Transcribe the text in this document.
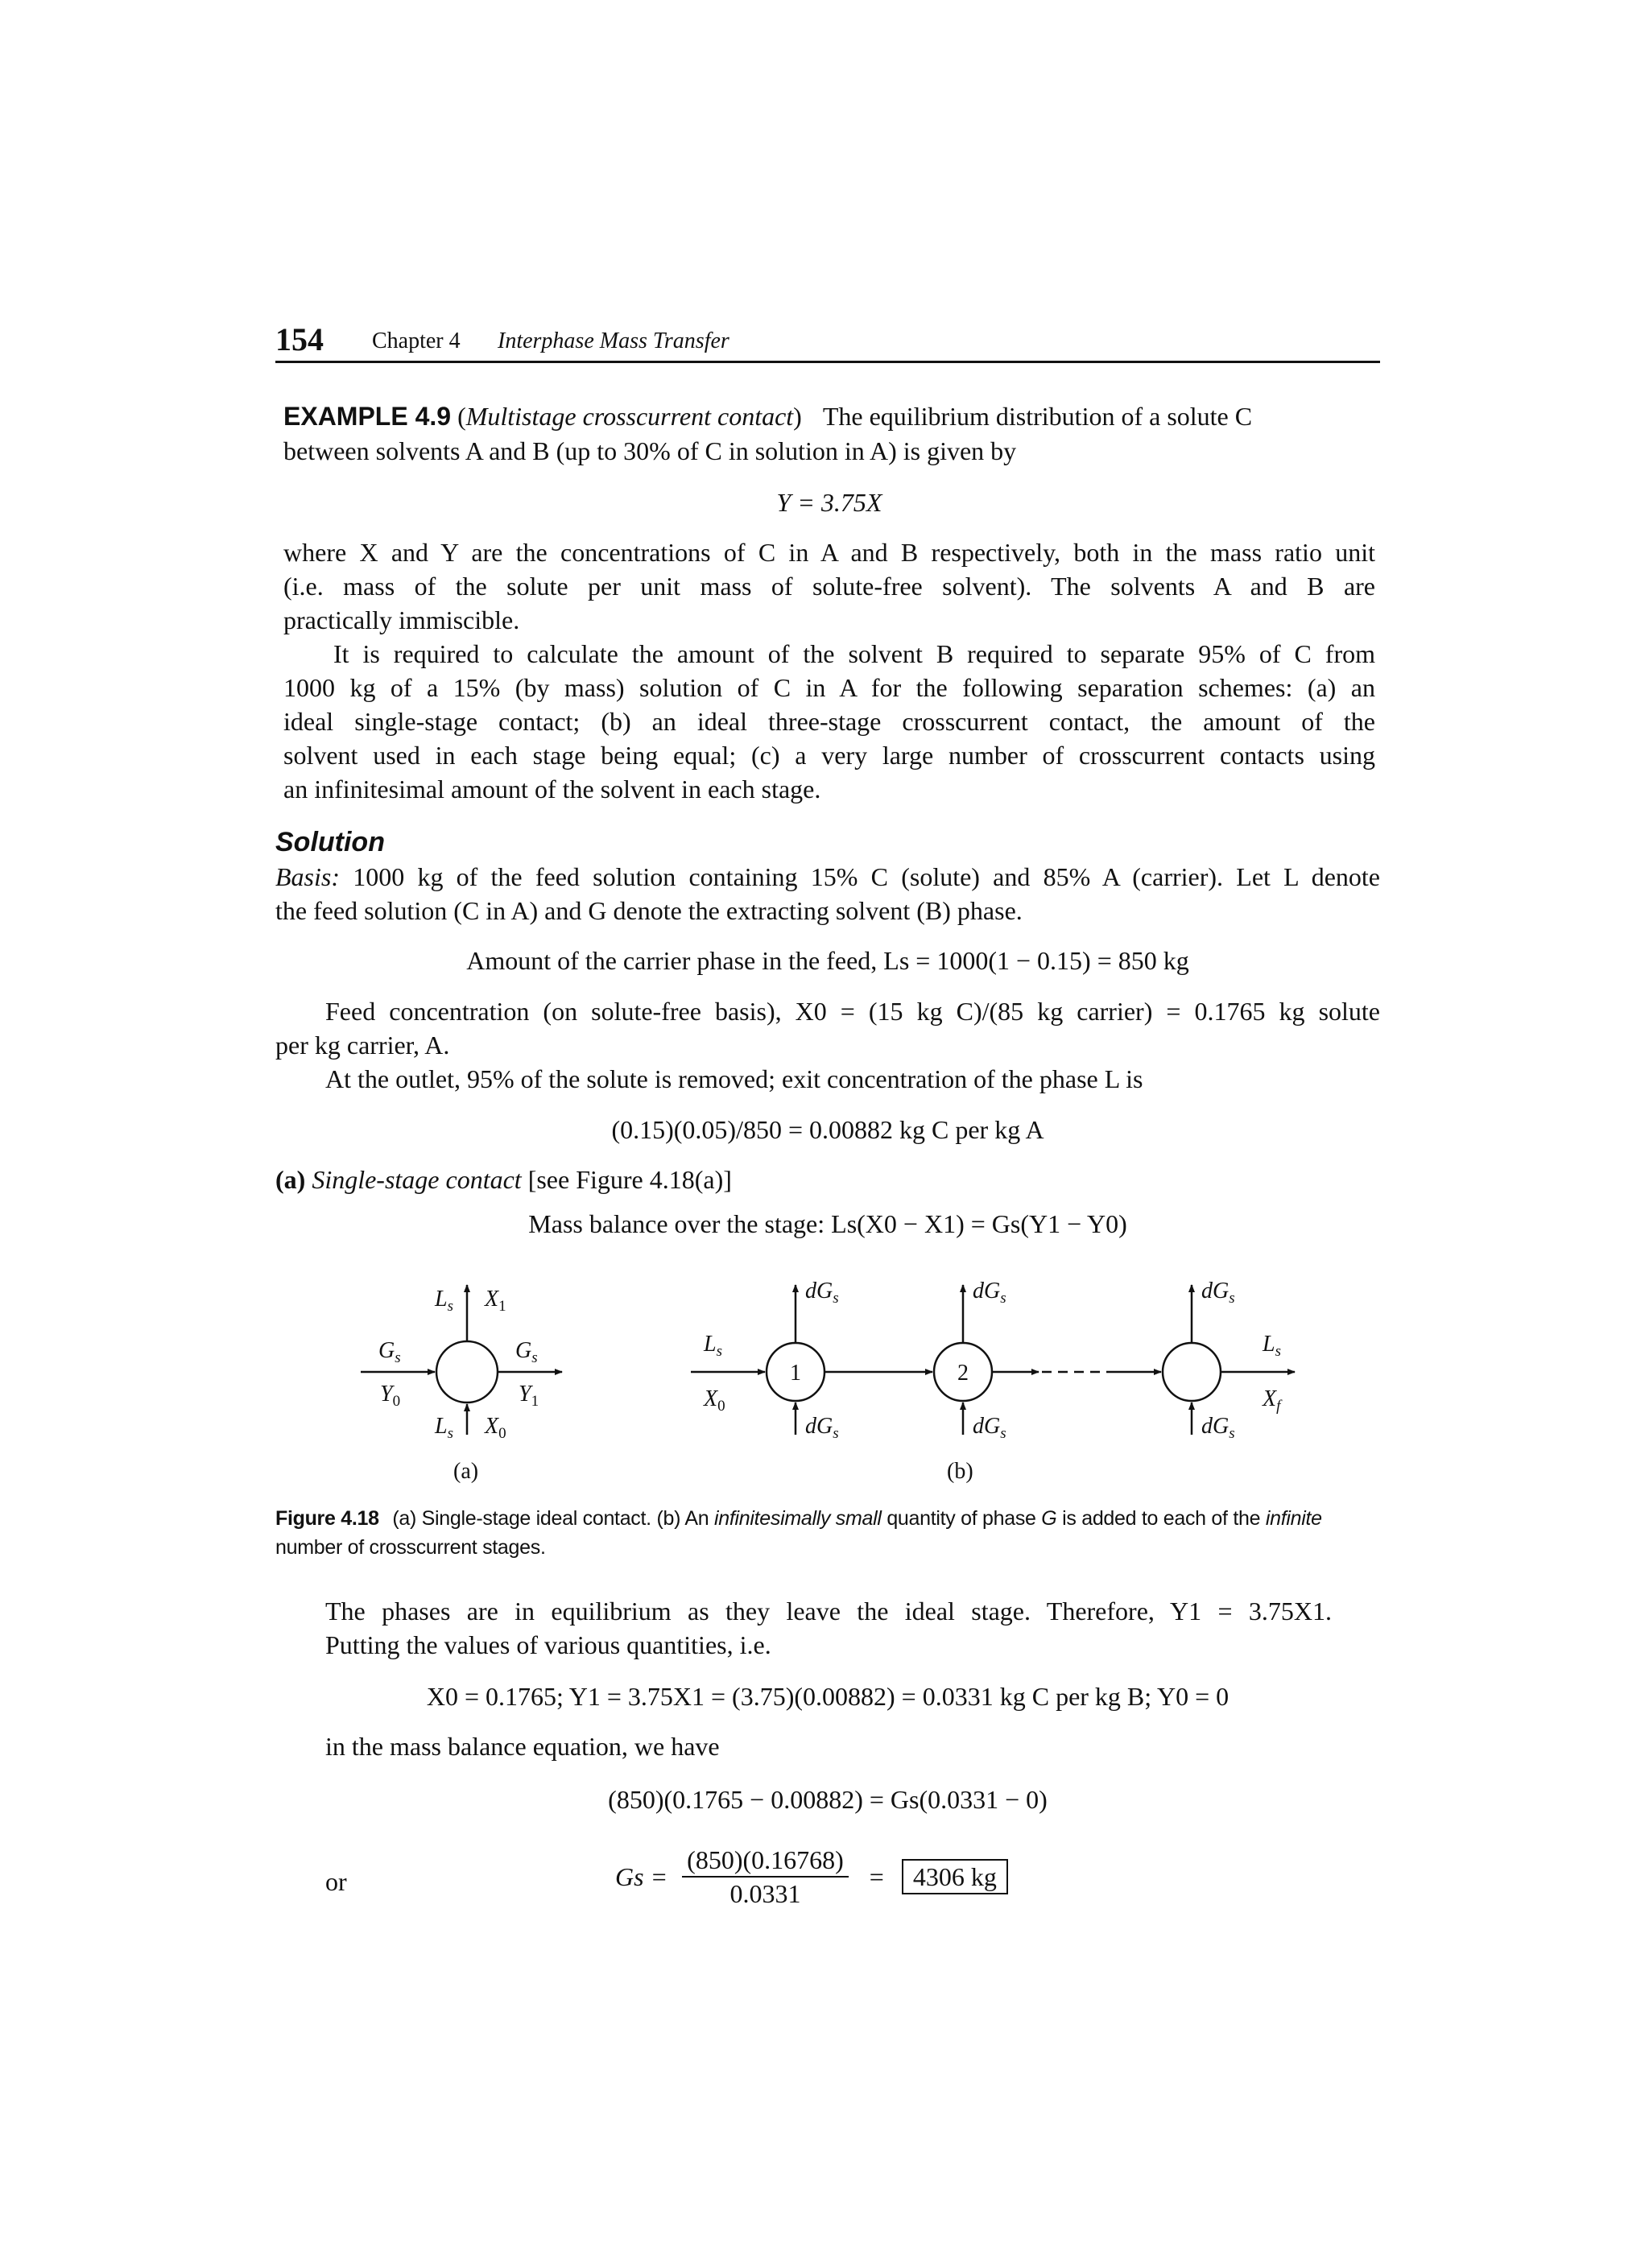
154 Chapter 4 Interphase Mass Transfer
EXAMPLE 4.9 (Multistage crosscurrent contact) The equilibrium distribution of a solute C
between solvents A and B (up to 30% of C in solution in A) is given by
Y = 3.75X
where X and Y are the concentrations of C in A and B respectively, both in the mass ratio unit
(i.e. mass of the solute per unit mass of solute-free solvent). The solvents A and B are
practically immiscible.
It is required to calculate the amount of the solvent B required to separate 95% of C from
1000 kg of a 15% (by mass) solution of C in A for the following separation schemes: (a) an
ideal single-stage contact; (b) an ideal three-stage crosscurrent contact, the amount of the
solvent used in each stage being equal; (c) a very large number of crosscurrent contacts using
an infinitesimal amount of the solvent in each stage.
Solution
Basis: 1000 kg of the feed solution containing 15% C (solute) and 85% A (carrier). Let L denote
the feed solution (C in A) and G denote the extracting solvent (B) phase.
Amount of the carrier phase in the feed, Ls = 1000(1 − 0.15) = 850 kg
Feed concentration (on solute-free basis), X0 = (15 kg C)/(85 kg carrier) = 0.1765 kg solute
per kg carrier, A.
At the outlet, 95% of the solute is removed; exit concentration of the phase L is
(0.15)(0.05)/850 = 0.00882 kg C per kg A
(a) Single-stage contact [see Figure 4.18(a)]
Mass balance over the stage: Ls(X0 − X1) = Gs(Y1 − Y0)
$L_s$ $X_1$
$G_s$	$G_s$
$Y_0$	$Y_1$
$L_s$ $X_0$
$L_s$
$X_0$
$dG_s$
$dG_s$
$dG_s$
$dG_s$
$dG_s$
$dG_s$
$L_s$
$X_f$
1	2
(a)	(b)
Figure 4.18 (a) Single-stage ideal contact. (b) An infinitesimally small quantity of phase G is added to each of the infinite
number of crosscurrent stages.
The phases are in equilibrium as they leave the ideal stage. Therefore, Y1 = 3.75X1.
Putting the values of various quantities, i.e.
X0 = 0.1765; Y1 = 3.75X1 = (3.75)(0.00882) = 0.0331 kg C per kg B; Y0 = 0
in the mass balance equation, we have
(850)(0.1765 − 0.00882) = Gs(0.0331 − 0)
or	$Gs = \frac{(850)(0.16768)}{0.0331} = 4306$ kg
